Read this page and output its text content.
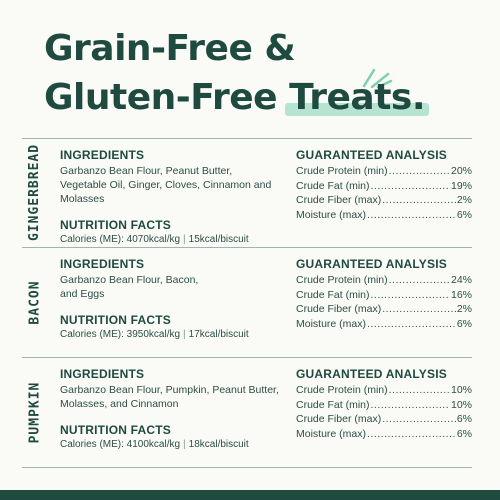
Grain-Free &
Gluten-Free Treats.
GINGERBREAD INGREDIENTS

Garbanzo Bean Flour, Peanut Butter, Vegetable Oil, Ginger, Cloves, Cinnamon and Molasses

NUTRITION FACTS

Calories (ME): 4070kcal/kg | 15kcal/biscuit

GUARANTEED ANALYSIS

Crude Protein (min) .....	20%
Crude Fat (min) .....	19%
Crude Fiber (max) .....	2%
Moisture (max) .....	6%
BACON

INGREDIENTS

Garbanzo Bean Flour, Bacon, and Eggs

NUTRITION FACTS

Calories (ME): 3950kcal/kg | 17kcal/biscuit

GUARANTEED ANALYSIS

Crude Protein (min) .....	24%
Crude Fat (min) .....	16%
Crude Fiber (max) .....	2%
Moisture (max) .....	6%
PUMPKIN

INGREDIENTS

Garbanzo Bean Flour, Pumpkin, Peanut Butter, Molasses, and Cinnamon

NUTRITION FACTS

Calories (ME): 4100kcal/kg | 18kcal/biscuit

GUARANTEED ANALYSIS

Crude Protein (min) .....	10%
Crude Fat (min) .....	10%
Crude Fiber (max) .....	6%
Moisture (max) .....	6%
